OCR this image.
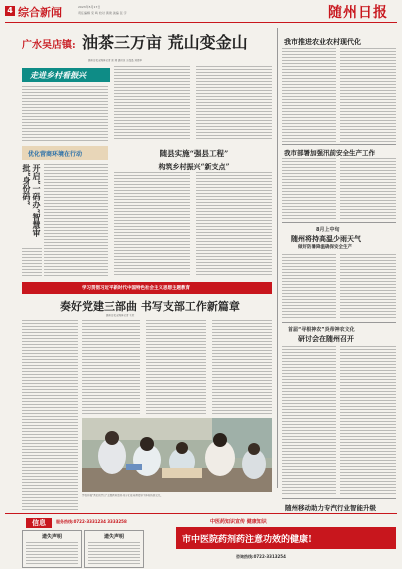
4 综合新闻	2023年5月17日
责任编辑 宋 鸣 校对 黄建 美编 张 宇	随州日报
广水吴店镇: 油茶三万亩 荒山变金山
随州日报全媒体记者 张 翔 通讯员 万晶晶 刘德华
走进乡村看振兴
我市推进农业农村现代化
我市部署加强汛前安全生产工作
8月上中旬
随州将持高温少雨天气
做好防暑降温确保安全生产
首届“寻根神农”炎帝神农文化
研讨会在随州召开
优化营商环境在行动
开启“一码办”智慧审批“身份码”
随县实施“强县工程”
构筑乡村振兴“新支点”
学习贯彻习近平新时代中国特色社会主义思想主题教育
奏好党建三部曲 书写支部工作新篇章
随州日报全媒体记者 王欣
学校开展“我们的节日”主题教育活动,孩子们在老师指导下体验传统文化。
随州移动助力专汽行业智能升级
信息	服务热线:0722-3331234 3333258
遗失声明	遗失声明
中医药知识宣传 健康知识
市中医院药剂药注意功效的健康!
咨询热线:0722-3313254
